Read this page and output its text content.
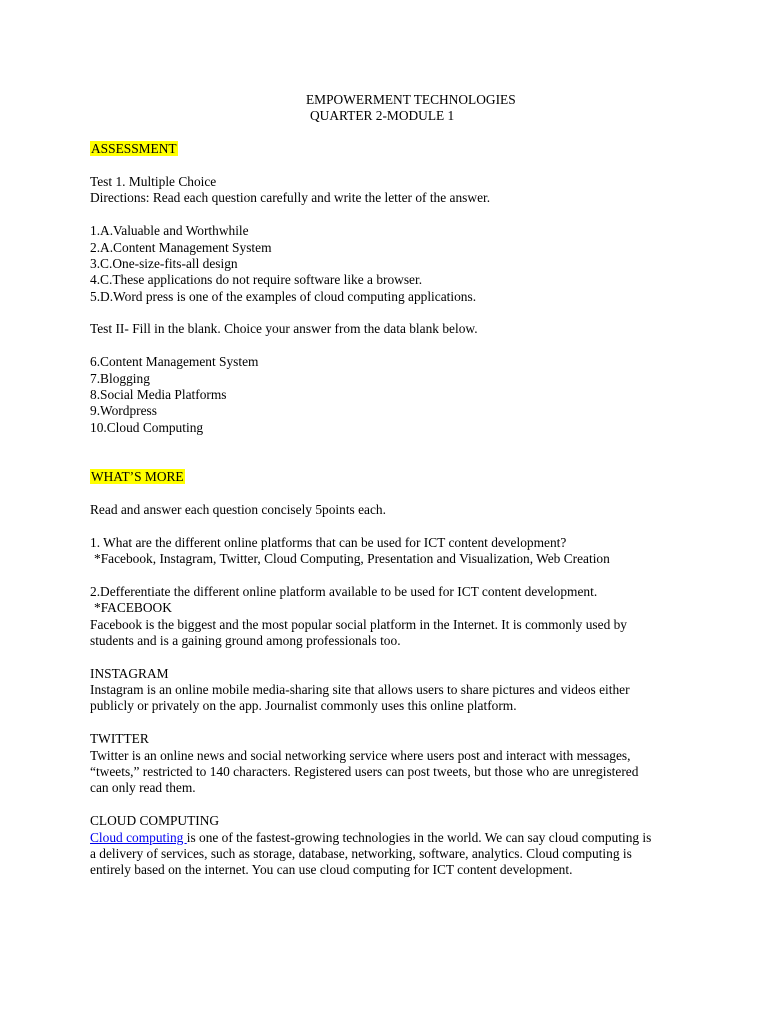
EMPOWERMENT TECHNOLOGIES
QUARTER 2-MODULE 1
ASSESSMENT
Test 1. Multiple Choice
Directions: Read each question carefully and write the letter of the answer.
1.A.Valuable and Worthwhile
2.A.Content Management System
3.C.One-size-fits-all design
4.C.These applications do not require software like a browser.
5.D.Word press is one of the examples of cloud computing applications.
Test II- Fill in the blank. Choice your answer from the data blank below.
6.Content Management System
7.Blogging
8.Social Media Platforms
9.Wordpress
10.Cloud Computing
WHAT’S MORE
Read and answer each question concisely 5points each.
1. What are the different online platforms that can be used for ICT content development?
*Facebook, Instagram, Twitter, Cloud Computing, Presentation and Visualization, Web Creation
2.Defferentiate the different online platform available to be used for ICT content development.
*FACEBOOK
Facebook is the biggest and the most popular social platform in the Internet. It is commonly used by
students and is a gaining ground among professionals too.
INSTAGRAM
Instagram is an online mobile media-sharing site that allows users to share pictures and videos either
publicly or privately on the app. Journalist commonly uses this online platform.
TWITTER
Twitter is an online news and social networking service where users post and interact with messages,
“tweets,” restricted to 140 characters. Registered users can post tweets, but those who are unregistered
can only read them.
CLOUD COMPUTING
Cloud computing is one of the fastest-growing technologies in the world. We can say cloud computing is
a delivery of services, such as storage, database, networking, software, analytics. Cloud computing is
entirely based on the internet. You can use cloud computing for ICT content development.
